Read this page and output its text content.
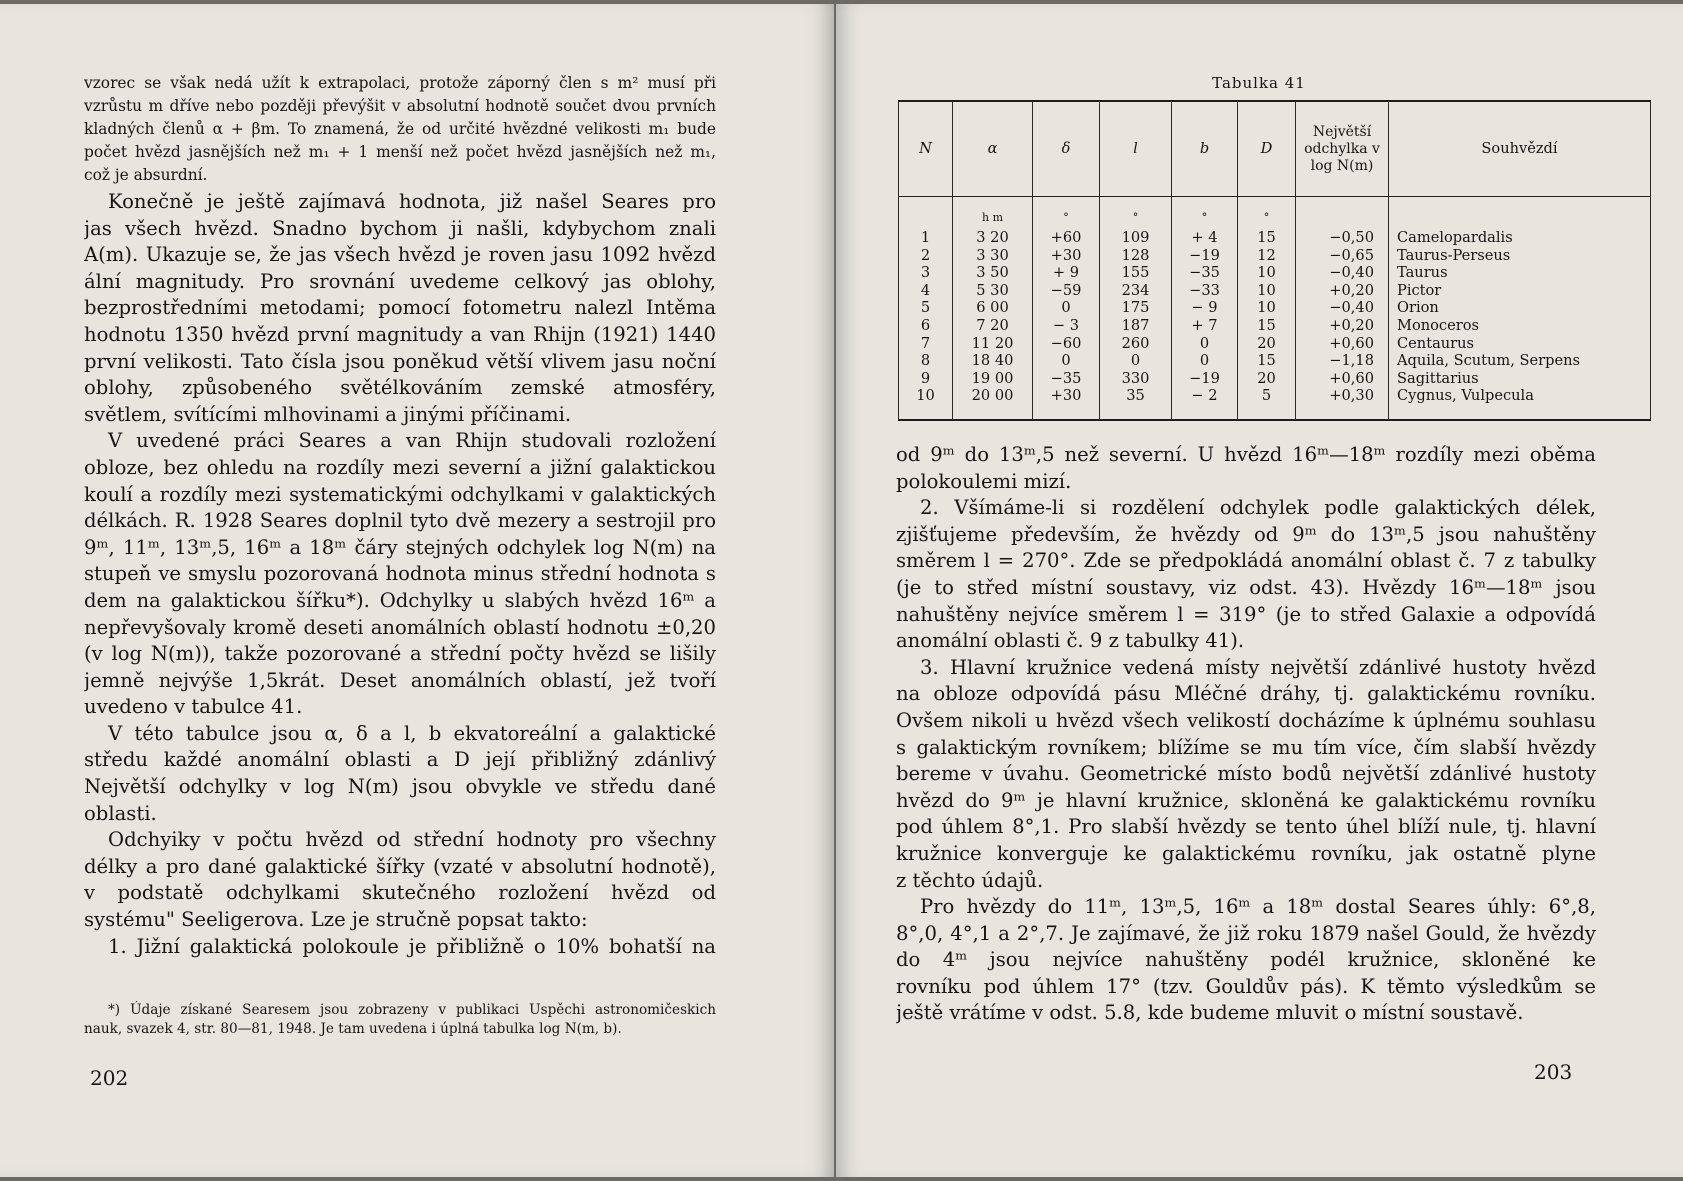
vzorec se však nedá užít k extrapolaci, protože záporný člen s m² musí při

vzrůstu m dříve nebo později převýšit v absolutní hodnotě součet dvou prvních

kladných členů α + βm. To znamená, že od určité hvězdné velikosti m₁ bude

počet hvězd jasnějších než m₁ + 1 menší než počet hvězd jasnějších než m₁,

což je absurdní.

Konečně je ještě zajímavá hodnota, již našel Seares pro

jas všech hvězd. Snadno bychom ji našli, kdybychom znali

A(m). Ukazuje se, že jas všech hvězd je roven jasu 1092 hvězd

ální magnitudy. Pro srovnání uvedeme celkový jas oblohy,

bezprostředními metodami; pomocí fotometru nalezl Intěma

hodnotu 1350 hvězd první magnitudy a van Rhijn (1921) 1440

první velikosti. Tato čísla jsou poněkud větší vlivem jasu noční

oblohy, způsobeného světélkováním zemské atmosféry,

světlem, svítícími mlhovinami a jinými příčinami.

V uvedené práci Seares a van Rhijn studovali rozložení

obloze, bez ohledu na rozdíly mezi severní a jižní galaktickou

koulí a rozdíly mezi systematickými odchylkami v galaktických

délkách. R. 1928 Seares doplnil tyto dvě mezery a sestrojil pro

9ᵐ, 11ᵐ, 13ᵐ,5, 16ᵐ a 18ᵐ čáry stejných odchylek log N(m) na

stupeň ve smyslu pozorovaná hodnota minus střední hodnota s

dem na galaktickou šířku*). Odchylky u slabých hvězd 16ᵐ a

nepřevyšovaly kromě deseti anomálních oblastí hodnotu ±0,20

(v log N(m)), takže pozorované a střední počty hvězd se lišily

jemně nejvýše 1,5krát. Deset anomálních oblastí, jež tvoří

uvedeno v tabulce 41.

V této tabulce jsou α, δ a l, b ekvatoreální a galaktické

středu každé anomální oblasti a D její přibližný zdánlivý

Největší odchylky v log N(m) jsou obvykle ve středu dané

oblasti.

Odchyiky v počtu hvězd od střední hodnoty pro všechny

délky a pro dané galaktické šířky (vzaté v absolutní hodnotě),

v podstatě odchylkami skutečného rozložení hvězd od

systému" Seeligerova. Lze je stručně popsat takto:

1. Jižní galaktická polokoule je přibližně o 10% bohatší na

*) Údaje získané Searesem jsou zobrazeny v publikaci Uspěchi astronomičeskich

nauk, svazek 4, str. 80—81, 1948. Je tam uvedena i úplná tabulka log N(m, b).

202
Tabulka 41
N	α	δ	l	b	D	Největší odchylka v log N(m)	Souhvězdí
	h m	°	°	°	°		
1	3 20	+60	109	+ 4	15	−0,50	Camelopardalis
2	3 30	+30	128	−19	12	−0,65	Taurus-Perseus
3	3 50	+ 9	155	−35	10	−0,40	Taurus
4	5 30	−59	234	−33	10	+0,20	Pictor
5	6 00	0	175	− 9	10	−0,40	Orion
6	7 20	− 3	187	+ 7	15	+0,20	Monoceros
7	11 20	−60	260	0	20	+0,60	Centaurus
8	18 40	0	0	0	15	−1,18	Aquila, Scutum, Serpens
9	19 00	−35	330	−19	20	+0,60	Sagittarius
10	20 00	+30	35	− 2	5	+0,30	Cygnus, Vulpecula

od 9ᵐ do 13ᵐ,5 než severní. U hvězd 16ᵐ—18ᵐ rozdíly mezi oběma

polokoulemi mizí.

2. Všímáme-li si rozdělení odchylek podle galaktických délek,

zjišťujeme především, že hvězdy od 9ᵐ do 13ᵐ,5 jsou nahuštěny

směrem l = 270°. Zde se předpokládá anomální oblast č. 7 z tabulky

(je to střed místní soustavy, viz odst. 43). Hvězdy 16ᵐ—18ᵐ jsou

nahuštěny nejvíce směrem l = 319° (je to střed Galaxie a odpovídá

anomální oblasti č. 9 z tabulky 41).

3. Hlavní kružnice vedená místy největší zdánlivé hustoty hvězd

na obloze odpovídá pásu Mléčné dráhy, tj. galaktickému rovníku.

Ovšem nikoli u hvězd všech velikostí docházíme k úplnému souhlasu

s galaktickým rovníkem; blížíme se mu tím více, čím slabší hvězdy

bereme v úvahu. Geometrické místo bodů největší zdánlivé hustoty

hvězd do 9ᵐ je hlavní kružnice, skloněná ke galaktickému rovníku

pod úhlem 8°,1. Pro slabší hvězdy se tento úhel blíží nule, tj. hlavní

kružnice konverguje ke galaktickému rovníku, jak ostatně plyne

z těchto údajů.

Pro hvězdy do 11ᵐ, 13ᵐ,5, 16ᵐ a 18ᵐ dostal Seares úhly: 6°,8,

8°,0, 4°,1 a 2°,7. Je zajímavé, že již roku 1879 našel Gould, že hvězdy

do 4ᵐ jsou nejvíce nahuštěny podél kružnice, skloněné ke

rovníku pod úhlem 17° (tzv. Gouldův pás). K těmto výsledkům se

ještě vrátíme v odst. 5.8, kde budeme mluvit o místní soustavě.

203
